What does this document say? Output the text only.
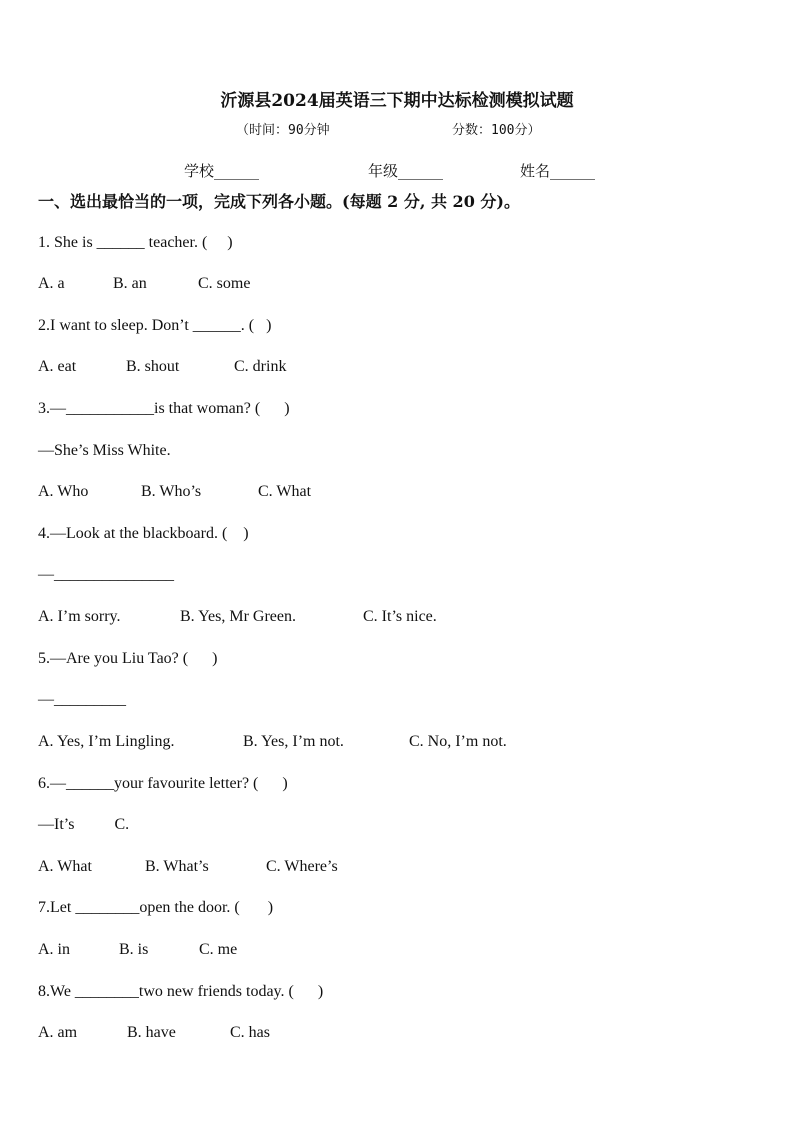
沂源县2024届英语三下期中达标检测模拟试题
（时间：90分钟	分数：100分）
学校______	年级______	姓名______
一、选出最恰当的一项，完成下列各小题。(每题 2 分, 共 20 分)。
1. She is ______ teacher. (     )
A. a	B. an	C. some
2.I want to sleep. Don’t ______. (   )
A. eat	B. shout	C. drink
3.—___________is that woman? (      )
—She’s Miss White.
A. Who	B. Who’s	C. What
4.—Look at the blackboard. (    )
—_______________
A. I’m sorry.	B. Yes, Mr Green.	C. It’s nice.
5.—Are you Liu Tao? (      )
—_________
A. Yes, I’m Lingling.	B. Yes, I’m not.	C. No, I’m not.
6.—______your favourite letter? (      )
—It’s          C.
A. What	B. What’s	C. Where’s
7.Let ________open the door. (       )
A. in	B. is	C. me
8.We ________two new friends today. (      )
A. am	B. have	C. has
